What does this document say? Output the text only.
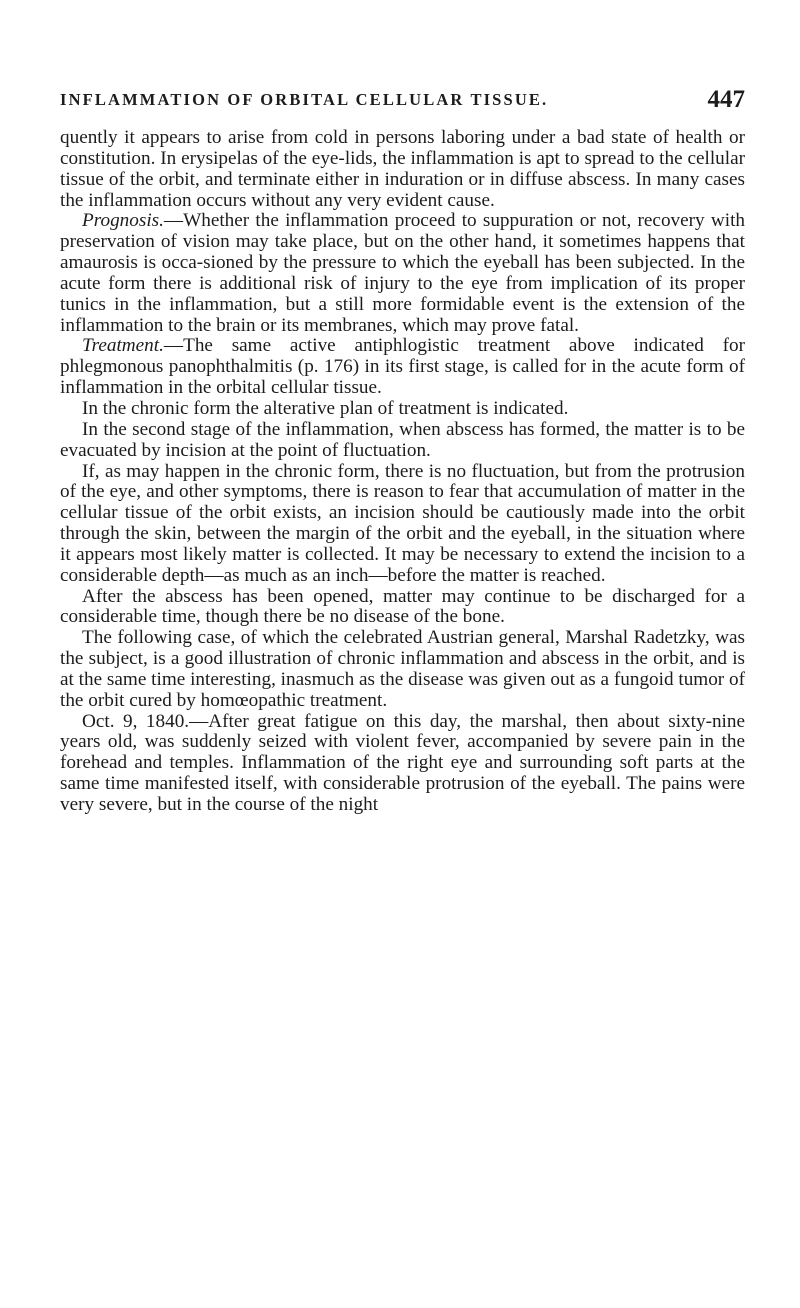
INFLAMMATION OF ORBITAL CELLULAR TISSUE.	447

quently it appears to arise from cold in persons laboring under a bad state of health or constitution. In erysipelas of the eye-lids, the inflammation is apt to spread to the cellular tissue of the orbit, and terminate either in induration or in diffuse abscess. In many cases the inflammation occurs without any very evident cause.

Prognosis.—Whether the inflammation proceed to suppuration or not, recovery with preservation of vision may take place, but on the other hand, it sometimes happens that amaurosis is occa-sioned by the pressure to which the eyeball has been subjected. In the acute form there is additional risk of injury to the eye from implication of its proper tunics in the inflammation, but a still more formidable event is the extension of the inflammation to the brain or its membranes, which may prove fatal.

Treatment.—The same active antiphlogistic treatment above indicated for phlegmonous panophthalmitis (p. 176) in its first stage, is called for in the acute form of inflammation in the orbital cellular tissue.

In the chronic form the alterative plan of treatment is indicated.

In the second stage of the inflammation, when abscess has formed, the matter is to be evacuated by incision at the point of fluctuation.

If, as may happen in the chronic form, there is no fluctuation, but from the protrusion of the eye, and other symptoms, there is reason to fear that accumulation of matter in the cellular tissue of the orbit exists, an incision should be cautiously made into the orbit through the skin, between the margin of the orbit and the eyeball, in the situation where it appears most likely matter is collected. It may be necessary to extend the incision to a considerable depth—as much as an inch—before the matter is reached.

After the abscess has been opened, matter may continue to be discharged for a considerable time, though there be no disease of the bone.

The following case, of which the celebrated Austrian general, Marshal Radetzky, was the subject, is a good illustration of chronic inflammation and abscess in the orbit, and is at the same time interesting, inasmuch as the disease was given out as a fungoid tumor of the orbit cured by homœopathic treatment.

Oct. 9, 1840.—After great fatigue on this day, the marshal, then about sixty-nine years old, was suddenly seized with violent fever, accompanied by severe pain in the forehead and temples. Inflammation of the right eye and surrounding soft parts at the same time manifested itself, with considerable protrusion of the eyeball. The pains were very severe, but in the course of the night
